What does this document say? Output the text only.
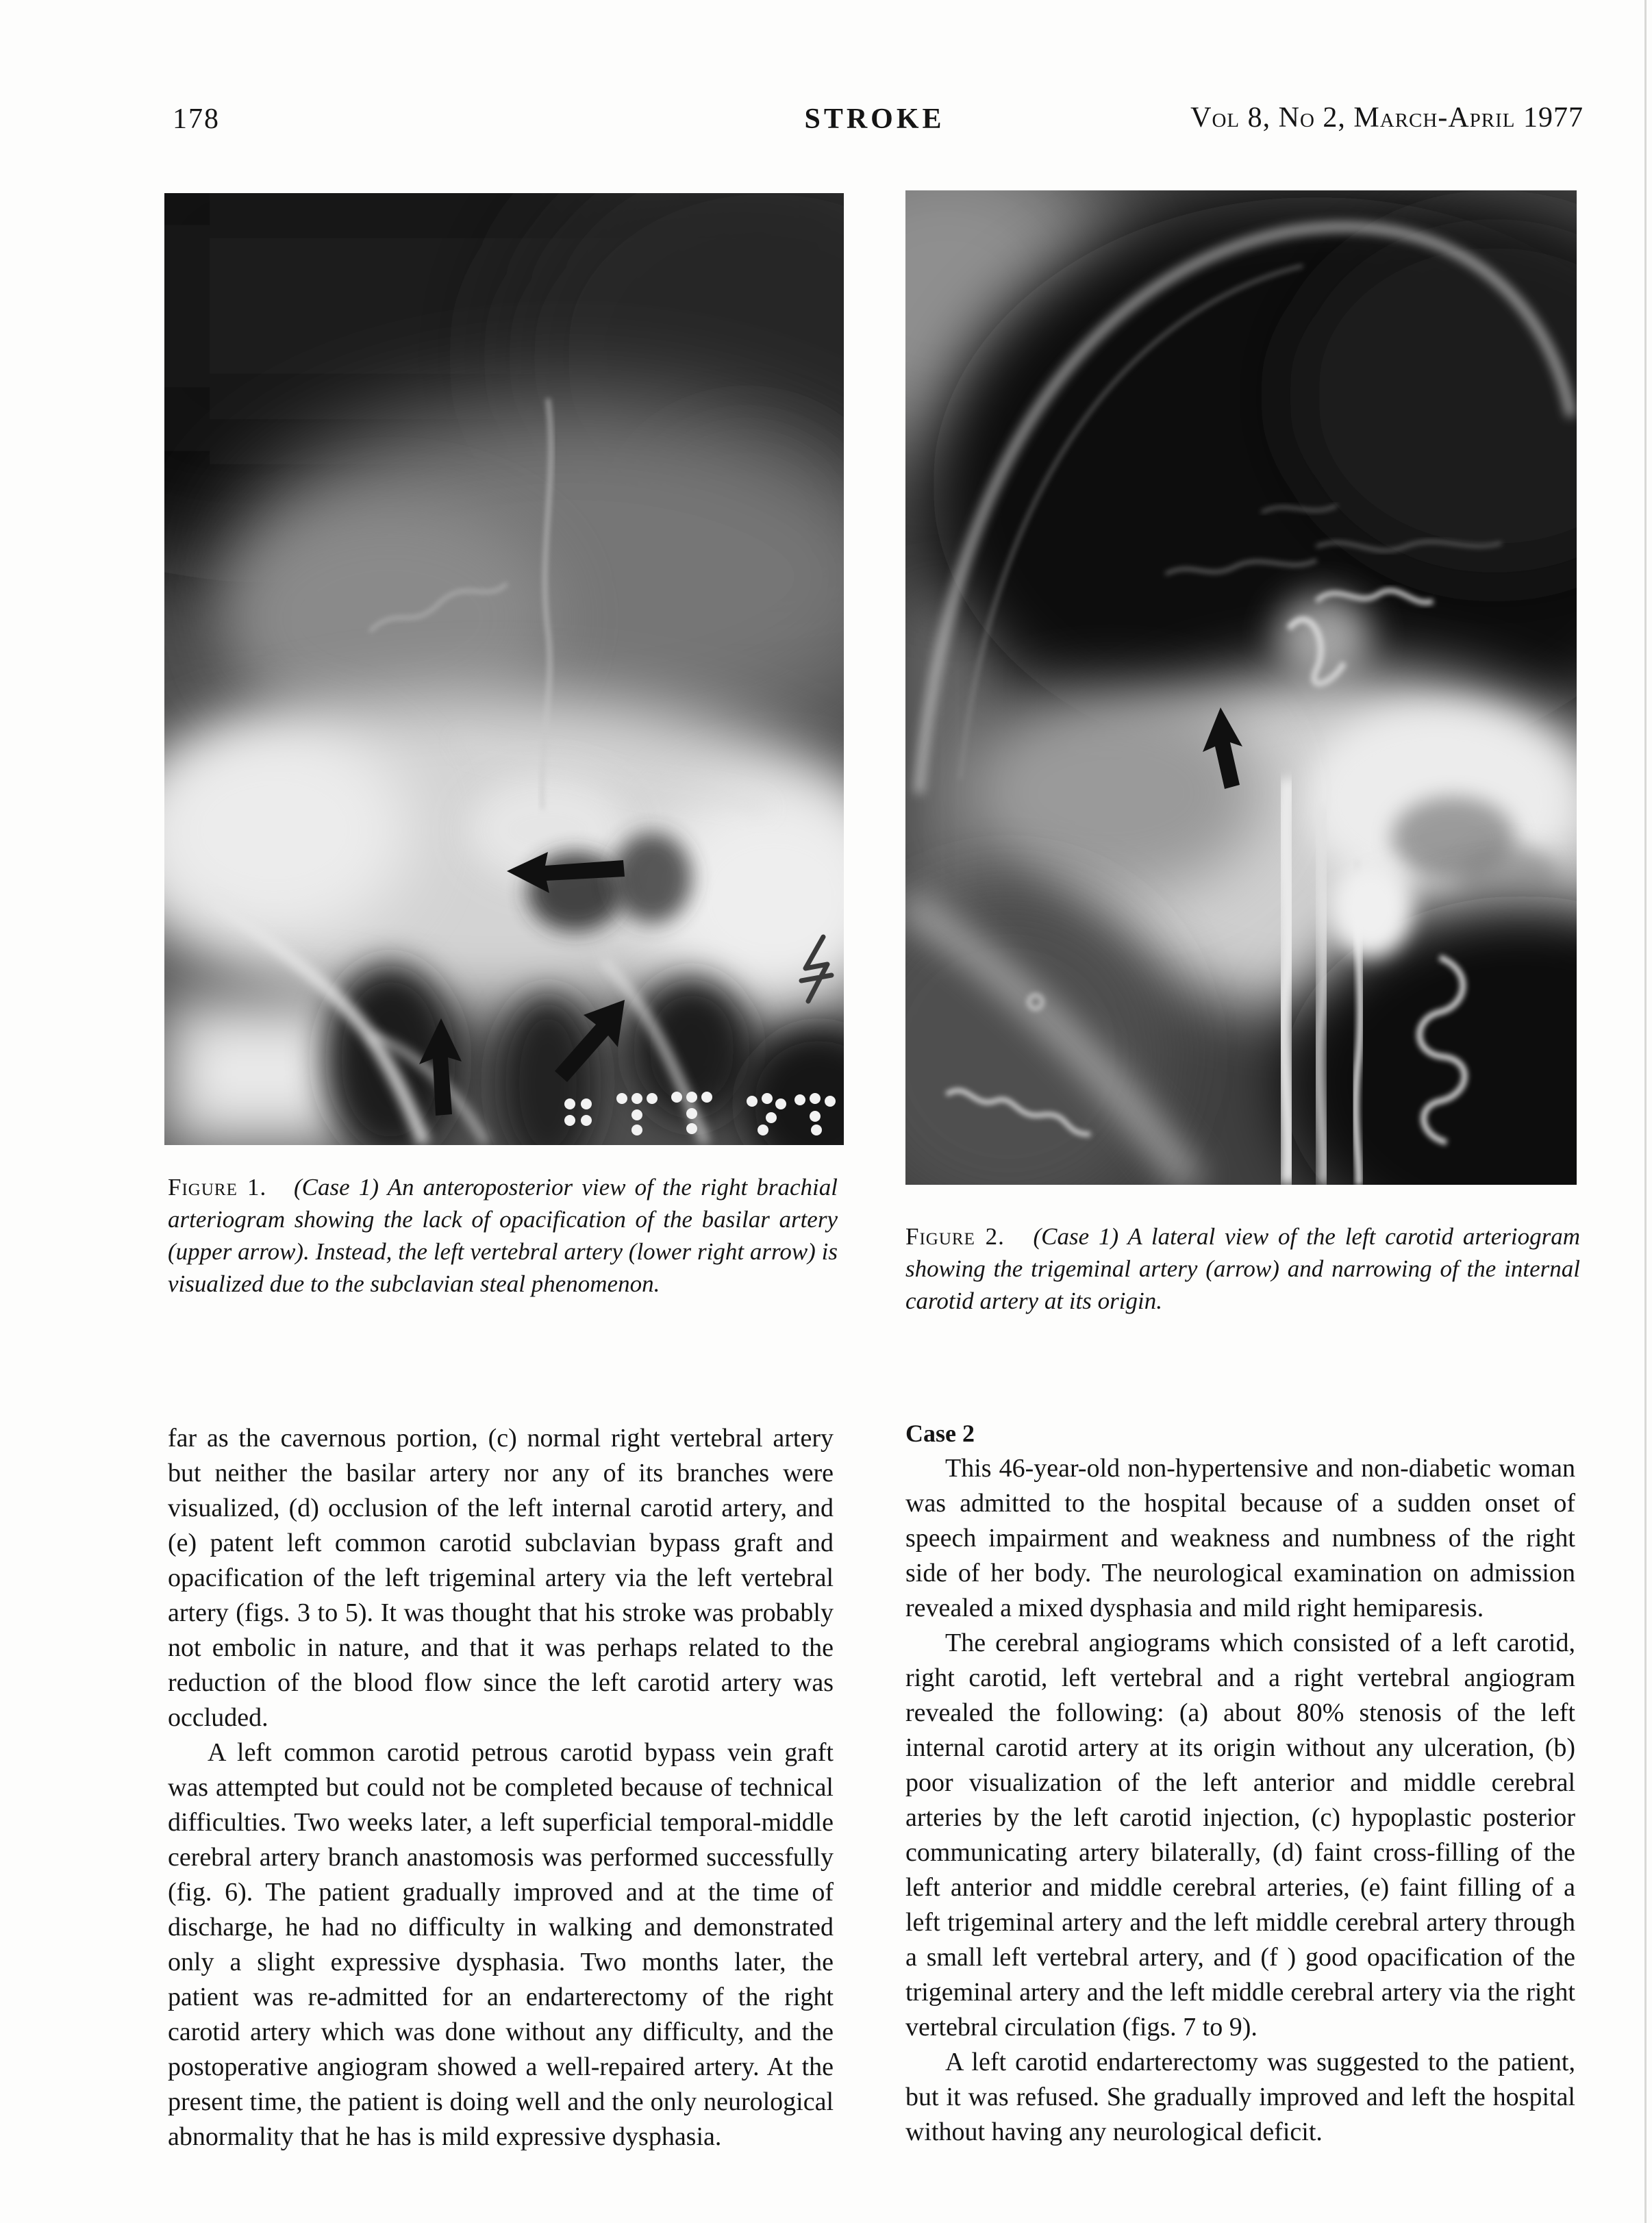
178	STROKE	Vol 8, No 2, March-April 1977
Figure 1. (Case 1) An anteroposterior view of the right brachial arteriogram showing the lack of opacification of the basilar artery (upper arrow). Instead, the left vertebral artery (lower right arrow) is visualized due to the subclavian steal phenomenon.
Figure 2. (Case 1) A lateral view of the left carotid arteriogram showing the trigeminal artery (arrow) and narrowing of the internal carotid artery at its origin.

far as the cavernous portion, (c) normal right vertebral artery but neither the basilar artery nor any of its branches were visualized, (d) occlusion of the left internal carotid artery, and (e) patent left common carotid subclavian bypass graft and opacification of the left trigeminal artery via the left vertebral artery (figs. 3 to 5). It was thought that his stroke was probably not embolic in nature, and that it was perhaps related to the reduction of the blood flow since the left carotid artery was occluded.

A left common carotid petrous carotid bypass vein graft was attempted but could not be completed because of technical difficulties. Two weeks later, a left superficial temporal-middle cerebral artery branch anastomosis was performed successfully (fig. 6). The patient gradually improved and at the time of discharge, he had no difficulty in walking and demonstrated only a slight expressive dysphasia. Two months later, the patient was re-admitted for an endarterectomy of the right carotid artery which was done without any difficulty, and the postoperative angiogram showed a well-repaired artery. At the present time, the patient is doing well and the only neurological abnormality that he has is mild expressive dysphasia.

Case 2

This 46-year-old non-hypertensive and non-diabetic woman was admitted to the hospital because of a sudden onset of speech impairment and weakness and numbness of the right side of her body. The neurological examination on admission revealed a mixed dysphasia and mild right hemiparesis.

The cerebral angiograms which consisted of a left carotid, right carotid, left vertebral and a right vertebral angiogram revealed the following: (a) about 80% stenosis of the left internal carotid artery at its origin without any ulceration, (b) poor visualization of the left anterior and middle cerebral arteries by the left carotid injection, (c) hypoplastic posterior communicating artery bilaterally, (d) faint cross-filling of the left anterior and middle cerebral arteries, (e) faint filling of a left trigeminal artery and the left middle cerebral artery through a small left vertebral artery, and (f ) good opacification of the trigeminal artery and the left middle cerebral artery via the right vertebral circulation (figs. 7 to 9).

A left carotid endarterectomy was suggested to the patient, but it was refused. She gradually improved and left the hospital without having any neurological deficit.
